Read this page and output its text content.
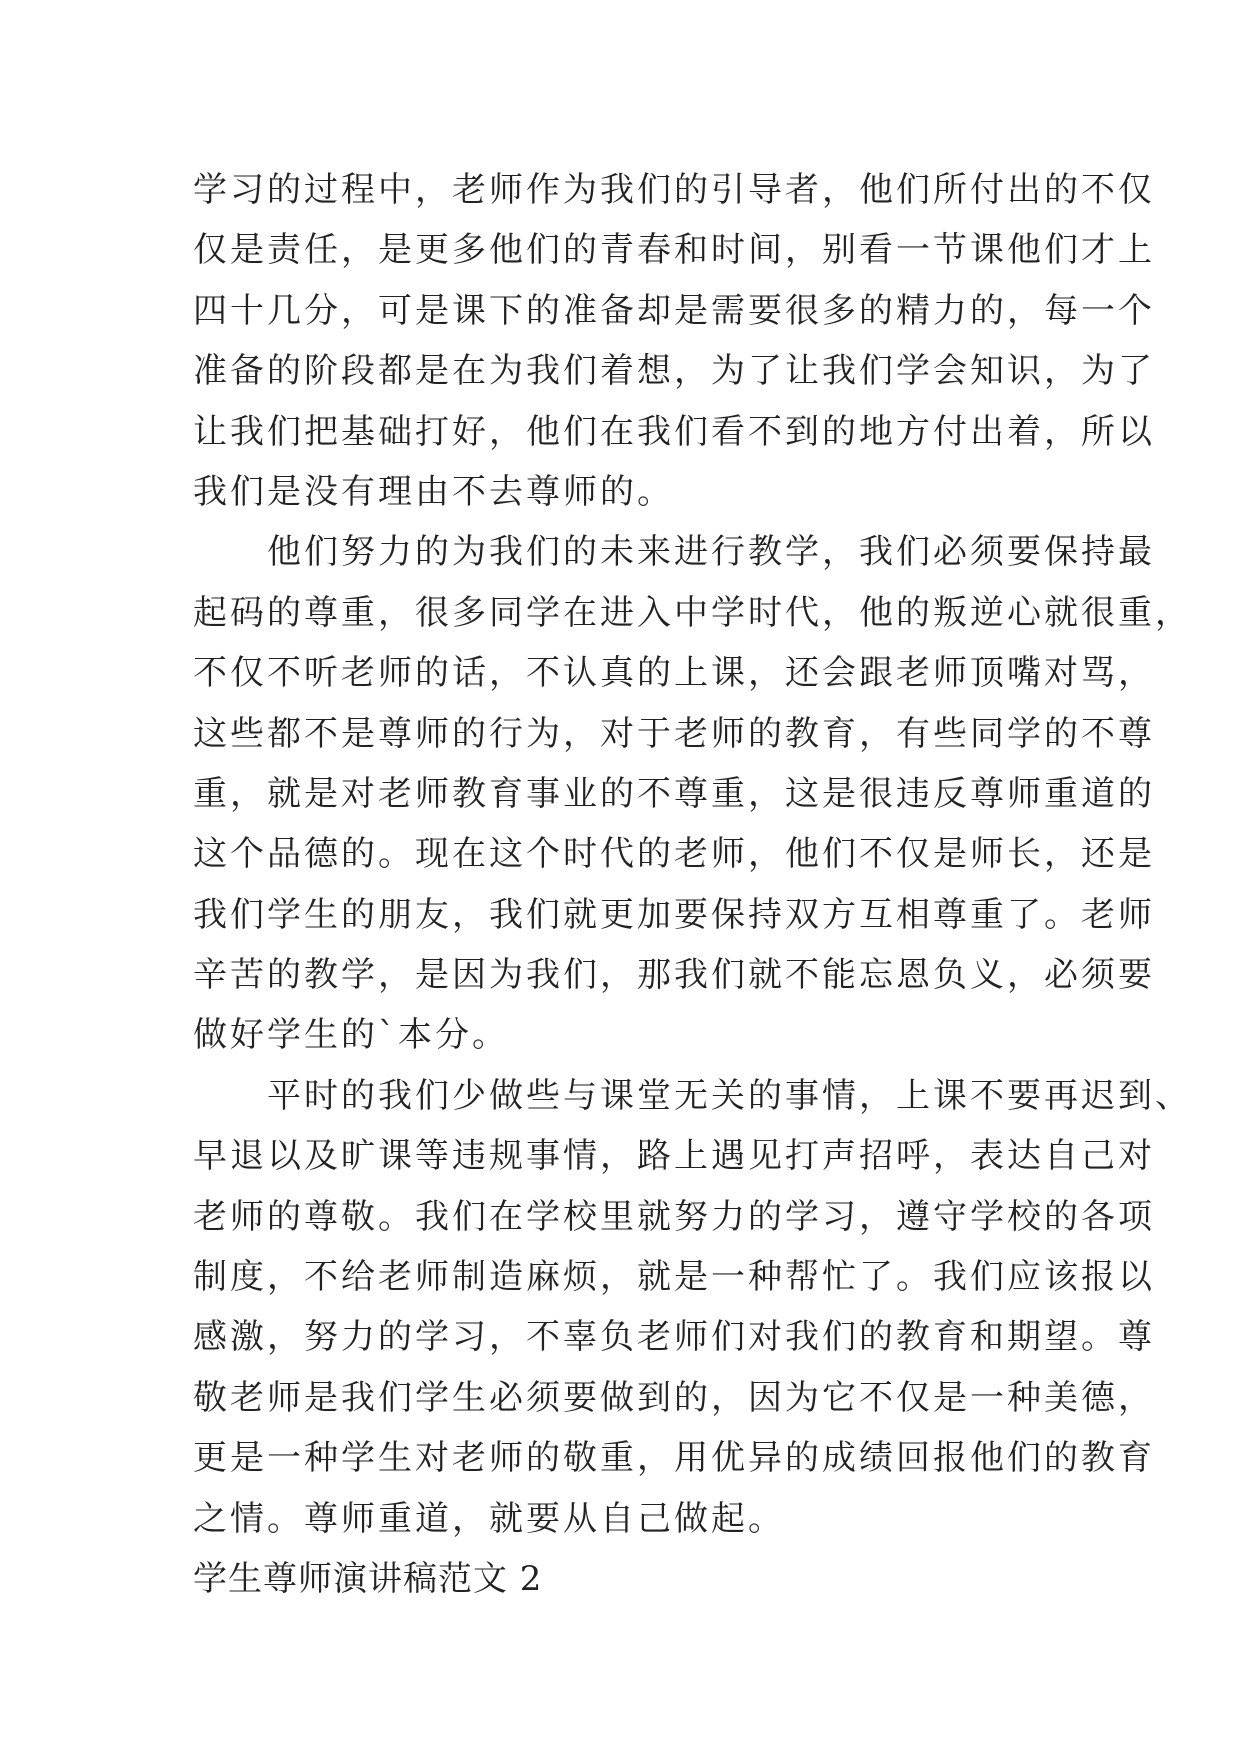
学习的过程中，老师作为我们的引导者，他们所付出的不仅
仅是责任，是更多他们的青春和时间，别看一节课他们才上
四十几分，可是课下的准备却是需要很多的精力的，每一个
准备的阶段都是在为我们着想，为了让我们学会知识，为了
让我们把基础打好，他们在我们看不到的地方付出着，所以
我们是没有理由不去尊师的。
　　他们努力的为我们的未来进行教学，我们必须要保持最
起码的尊重，很多同学在进入中学时代，他的叛逆心就很重，
不仅不听老师的话，不认真的上课，还会跟老师顶嘴对骂，
这些都不是尊师的行为，对于老师的教育，有些同学的不尊
重，就是对老师教育事业的不尊重，这是很违反尊师重道的
这个品德的。现在这个时代的老师，他们不仅是师长，还是
我们学生的朋友，我们就更加要保持双方互相尊重了。老师
辛苦的教学，是因为我们，那我们就不能忘恩负义，必须要
做好学生的`本分。
　　平时的我们少做些与课堂无关的事情，上课不要再迟到、
早退以及旷课等违规事情，路上遇见打声招呼，表达自己对
老师的尊敬。我们在学校里就努力的学习，遵守学校的各项
制度，不给老师制造麻烦，就是一种帮忙了。我们应该报以
感激，努力的学习，不辜负老师们对我们的教育和期望。尊
敬老师是我们学生必须要做到的，因为它不仅是一种美德，
更是一种学生对老师的敬重，用优异的成绩回报他们的教育
之情。尊师重道，就要从自己做起。
学生尊师演讲稿范文 2
